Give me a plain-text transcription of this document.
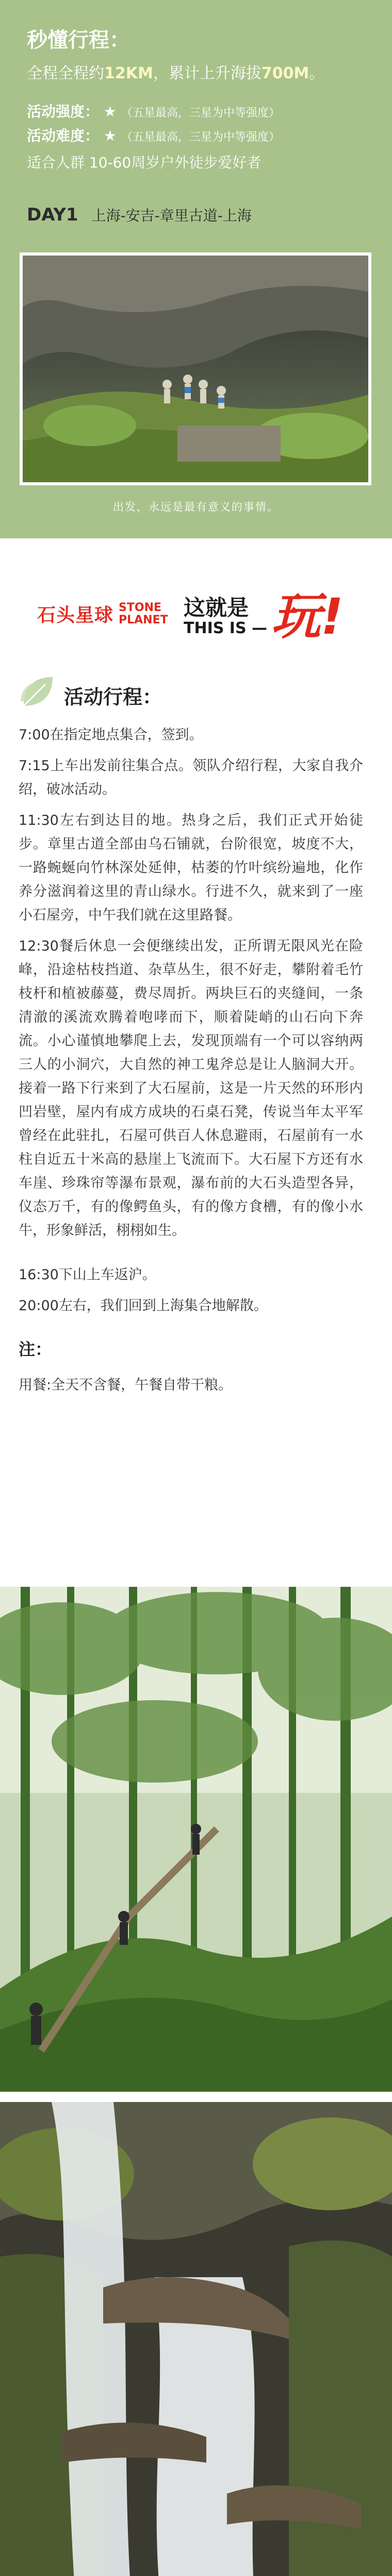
秒懂行程：
全程全程约12KM，累计上升海拔700M。
活动强度： ★ （五星最高，三星为中等强度）
活动难度： ★ （五星最高，三星为中等强度）
适合人群 10-60周岁户外徒步爱好者
DAY1 上海-安吉-章里古道-上海
出发，永远是最有意义的事情。
石头星球 STONE
PLANET 这就是
THIS IS — 玩!
活动行程：

7:00在指定地点集合，签到。

7:15上车出发前往集合点。领队介绍行程，大家自我介绍，破冰活动。

11:30左右到达目的地。热身之后，我们正式开始徒步。章里古道全部由乌石铺就，台阶很宽，坡度不大，一路蜿蜒向竹林深处延伸，枯萎的竹叶缤纷遍地，化作养分滋润着这里的青山绿水。行进不久，就来到了一座小石屋旁，中午我们就在这里路餐。

12:30餐后休息一会便继续出发，正所谓无限风光在险峰，沿途枯枝挡道、杂草丛生，很不好走，攀附着毛竹枝杆和植被藤蔓，费尽周折。两块巨石的夹缝间，一条清澈的溪流欢腾着咆哮而下，顺着陡峭的山石向下奔流。小心谨慎地攀爬上去，发现顶端有一个可以容纳两三人的小洞穴，大自然的神工鬼斧总是让人脑洞大开。接着一路下行来到了大石屋前，这是一片天然的环形内凹岩壁，屋内有成方成块的石桌石凳，传说当年太平军曾经在此驻扎，石屋可供百人休息避雨，石屋前有一水柱自近五十米高的悬崖上飞流而下。大石屋下方还有水车崖、珍珠帘等瀑布景观，瀑布前的大石头造型各异，仪态万千，有的像鳄鱼头，有的像方食槽，有的像小水牛，形象鲜活，栩栩如生。

16:30下山上车返沪。

20:00左右，我们回到上海集合地解散。

注：
用餐:全天不含餐，午餐自带干粮。
